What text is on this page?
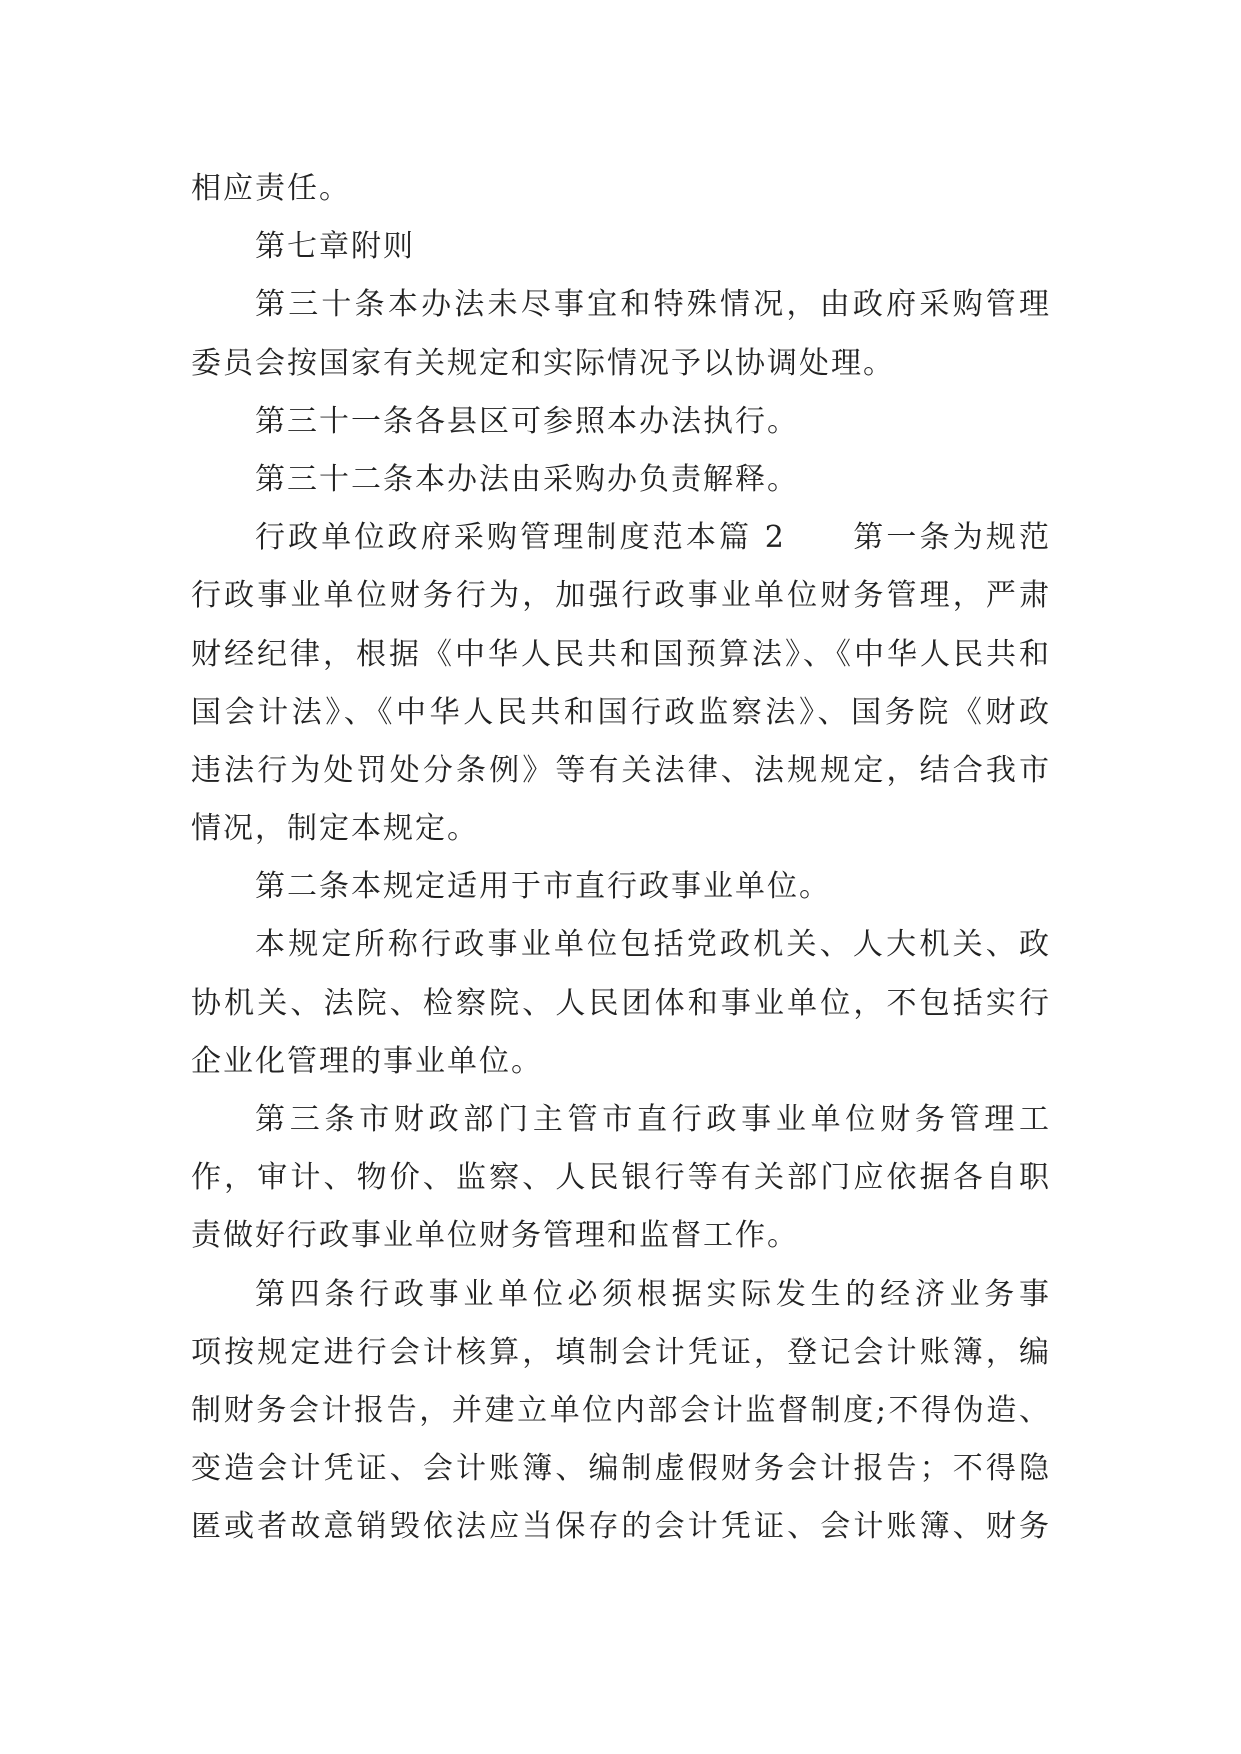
相应责任。
第七章附则
第三十条本办法未尽事宜和特殊情况，由政府采购管理
委员会按国家有关规定和实际情况予以协调处理。
第三十一条各县区可参照本办法执行。
第三十二条本办法由采购办负责解释。
行政单位政府采购管理制度范本篇 2　　第一条为规范
行政事业单位财务行为，加强行政事业单位财务管理，严肃
财经纪律，根据《中华人民共和国预算法》、《中华人民共和
国会计法》、《中华人民共和国行政监察法》、国务院《财政
违法行为处罚处分条例》等有关法律、法规规定，结合我市
情况，制定本规定。
第二条本规定适用于市直行政事业单位。
本规定所称行政事业单位包括党政机关、人大机关、政
协机关、法院、检察院、人民团体和事业单位，不包括实行
企业化管理的事业单位。
第三条市财政部门主管市直行政事业单位财务管理工
作，审计、物价、监察、人民银行等有关部门应依据各自职
责做好行政事业单位财务管理和监督工作。
第四条行政事业单位必须根据实际发生的经济业务事
项按规定进行会计核算，填制会计凭证，登记会计账簿，编
制财务会计报告，并建立单位内部会计监督制度;不得伪造、
变造会计凭证、会计账簿、编制虚假财务会计报告；不得隐
匿或者故意销毁依法应当保存的会计凭证、会计账簿、财务
